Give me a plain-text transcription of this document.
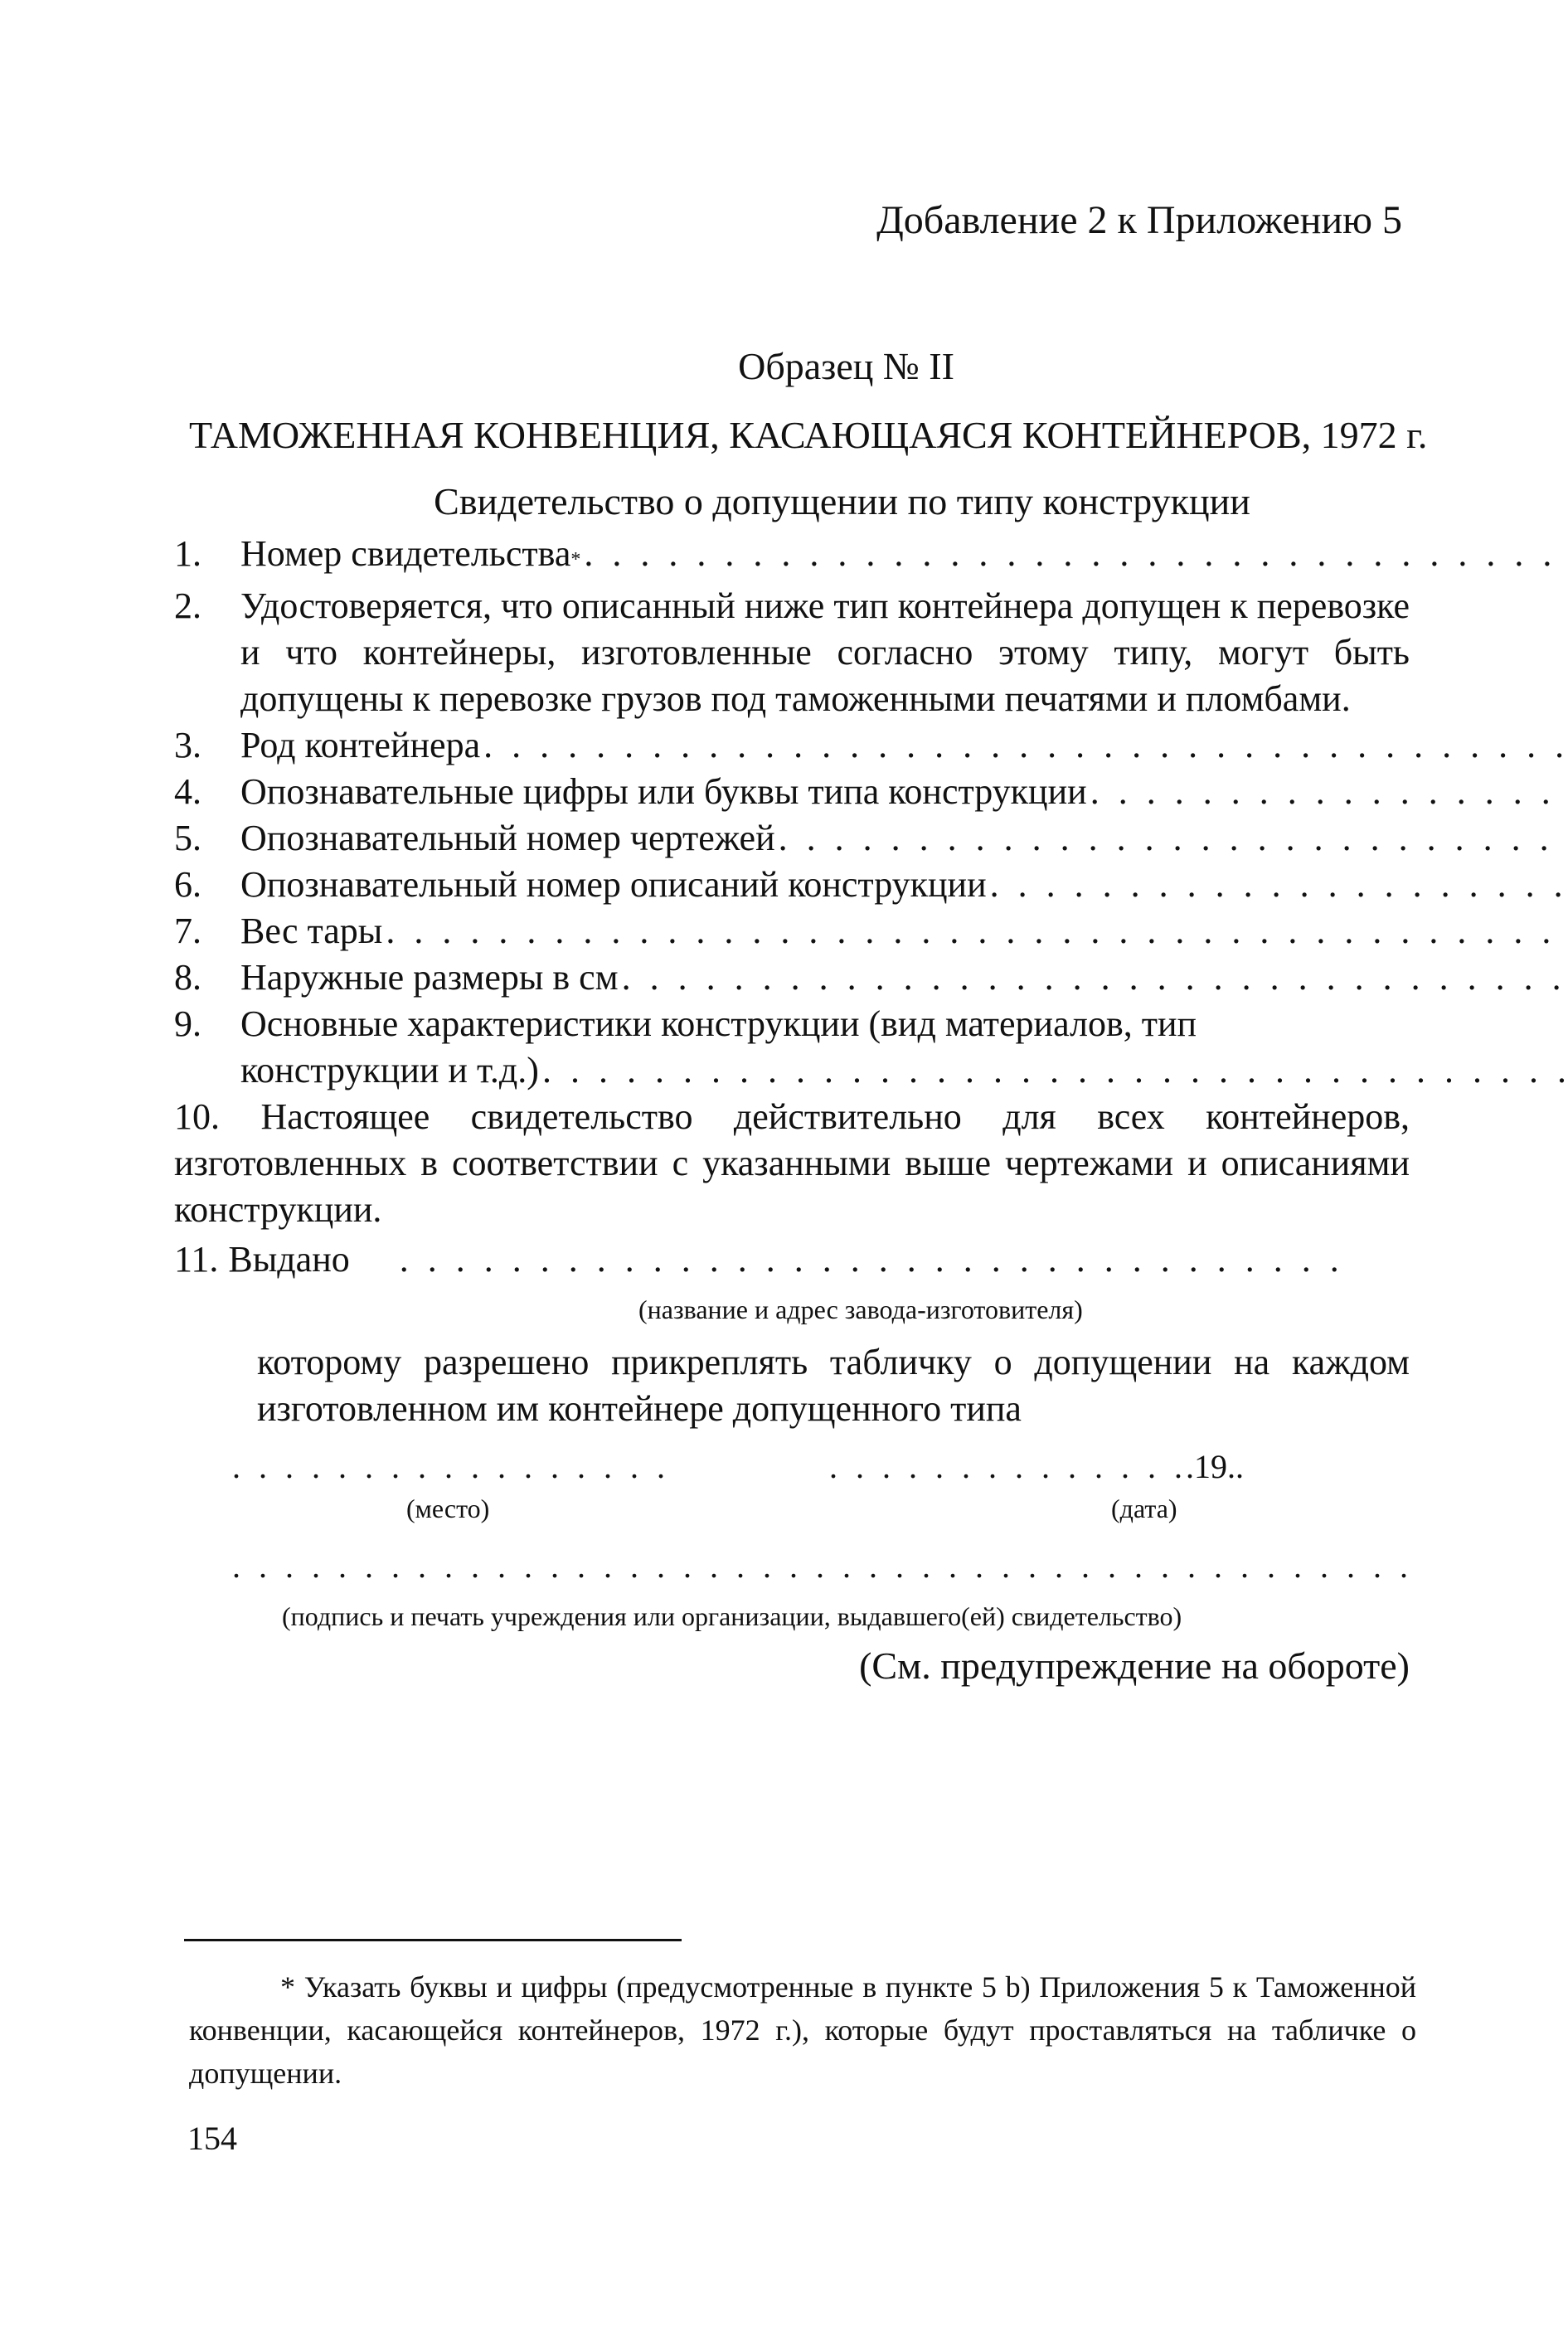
Добавление 2 к Приложению 5
Образец № II
ТАМОЖЕННАЯ КОНВЕНЦИЯ, КАСАЮЩАЯСЯ КОНТЕЙНЕРОВ, 1972 г.
Свидетельство о допущении по типу конструкции
1.	Номер свидетельства *
. . .
2.	Удостоверяется, что описанный ниже тип контейнера допущен к перевозке и что контейнеры, изготовленные согласно этому типу, могут быть допущены к перевозке грузов под таможенными печатями и пломбами.
3.	Род контейнера
. . .
4.	Опознавательные цифры или буквы типа конструкции
. . .
5.	Опознавательный номер чертежей
. . .
6.	Опознавательный номер описаний конструкции
. . .
7.	Вес тары
. . .
8.	Наружные размеры в см
. . .
9.	Основные характеристики конструкции (вид материалов, тип
конструкции и т.д.)
. . .
10. Настоящее свидетельство действительно для всех контейнеров, изготовленных в соответствии с указанными выше чертежами и описаниями конструкции.
11. Выдано
. . .
(название и адрес завода-изготовителя)
которому разрешено прикреплять табличку о допущении на каждом изготовленном им контейнере допущенного типа
. . .
. . .
.19..
(место)	(дата)
. . .
(подпись и печать учреждения или организации, выдавшего(ей) свидетельство)
(См. предупреждение на обороте)
* Указать буквы и цифры (предусмотренные в пункте 5 b) Приложения 5 к Таможенной конвенции, касающейся контейнеров, 1972 г.), которые будут проставляться на табличке о допущении.
154
